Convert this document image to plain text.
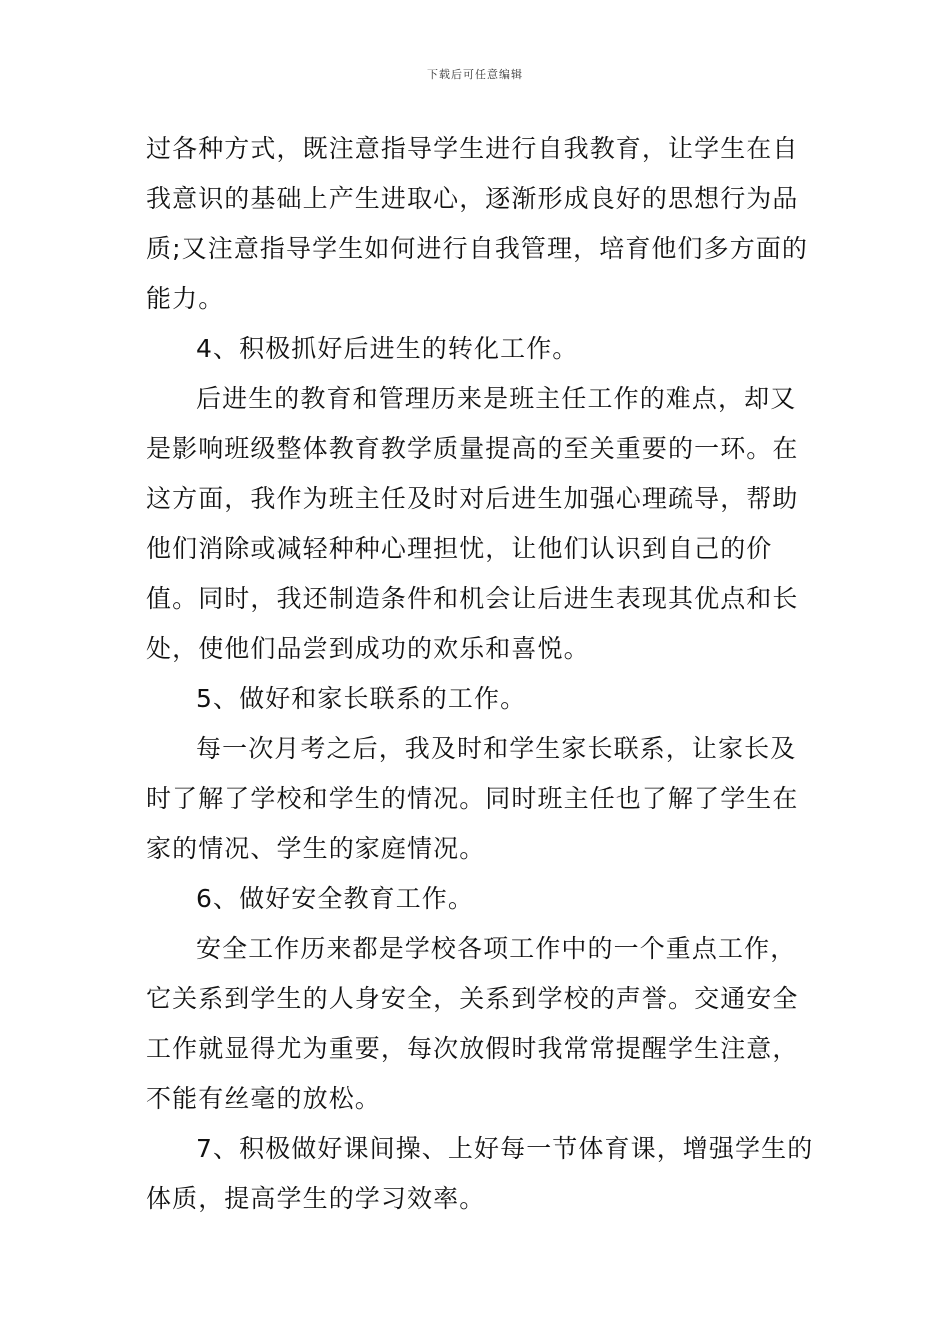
下载后可任意编辑
过各种方式，既注意指导学生进行自我教育，让学生在自
我意识的基础上产生进取心，逐渐形成良好的思想行为品
质;又注意指导学生如何进行自我管理，培育他们多方面的
能力。
4、积极抓好后进生的转化工作。
后进生的教育和管理历来是班主任工作的难点，却又
是影响班级整体教育教学质量提高的至关重要的一环。在
这方面，我作为班主任及时对后进生加强心理疏导，帮助
他们消除或减轻种种心理担忧，让他们认识到自己的价
值。同时，我还制造条件和机会让后进生表现其优点和长
处，使他们品尝到成功的欢乐和喜悦。
5、做好和家长联系的工作。
每一次月考之后，我及时和学生家长联系，让家长及
时了解了学校和学生的情况。同时班主任也了解了学生在
家的情况、学生的家庭情况。
6、做好安全教育工作。
安全工作历来都是学校各项工作中的一个重点工作，
它关系到学生的人身安全，关系到学校的声誉。交通安全
工作就显得尤为重要，每次放假时我常常提醒学生注意，
不能有丝毫的放松。
7、积极做好课间操、上好每一节体育课，增强学生的
体质，提高学生的学习效率。
